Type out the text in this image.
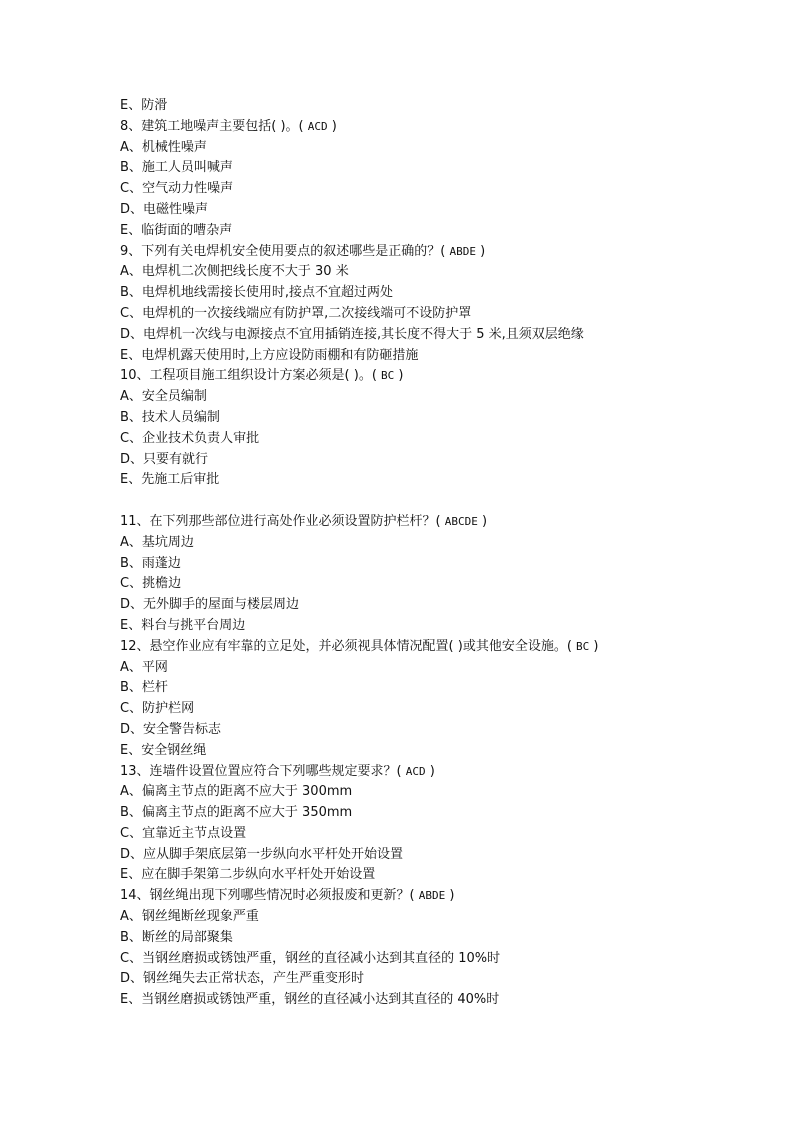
E、防滑
8、建筑工地噪声主要包括( )。( ACD )
A、机械性噪声
B、施工人员叫喊声
C、空气动力性噪声
D、电磁性噪声
E、临街面的嘈杂声
9、下列有关电焊机安全使用要点的叙述哪些是正确的？( ABDE )
A、电焊机二次侧把线长度不大于 30 米
B、电焊机地线需接长使用时,接点不宜超过两处
C、电焊机的一次接线端应有防护罩,二次接线端可不设防护罩
D、电焊机一次线与电源接点不宜用插销连接,其长度不得大于 5 米,且须双层绝缘
E、电焊机露天使用时,上方应设防雨棚和有防砸措施
10、工程项目施工组织设计方案必须是( )。( BC )
A、安全员编制
B、技术人员编制
C、企业技术负责人审批
D、只要有就行
E、先施工后审批
11、在下列那些部位进行高处作业必须设置防护栏杆？( ABCDE )
A、基坑周边
B、雨蓬边
C、挑檐边
D、无外脚手的屋面与楼层周边
E、料台与挑平台周边
12、悬空作业应有牢靠的立足处，并必须视具体情况配置( )或其他安全设施。( BC )
A、平网
B、栏杆
C、防护栏网
D、安全警告标志
E、安全钢丝绳
13、连墙件设置位置应符合下列哪些规定要求？( ACD )
A、偏离主节点的距离不应大于 300mm
B、偏离主节点的距离不应大于 350mm
C、宜靠近主节点设置
D、应从脚手架底层第一步纵向水平杆处开始设置
E、应在脚手架第二步纵向水平杆处开始设置
14、钢丝绳出现下列哪些情况时必须报废和更新？( ABDE )
A、钢丝绳断丝现象严重
B、断丝的局部聚集
C、当钢丝磨损或锈蚀严重，钢丝的直径减小达到其直径的 10%时
D、钢丝绳失去正常状态，产生严重变形时
E、当钢丝磨损或锈蚀严重，钢丝的直径减小达到其直径的 40%时
